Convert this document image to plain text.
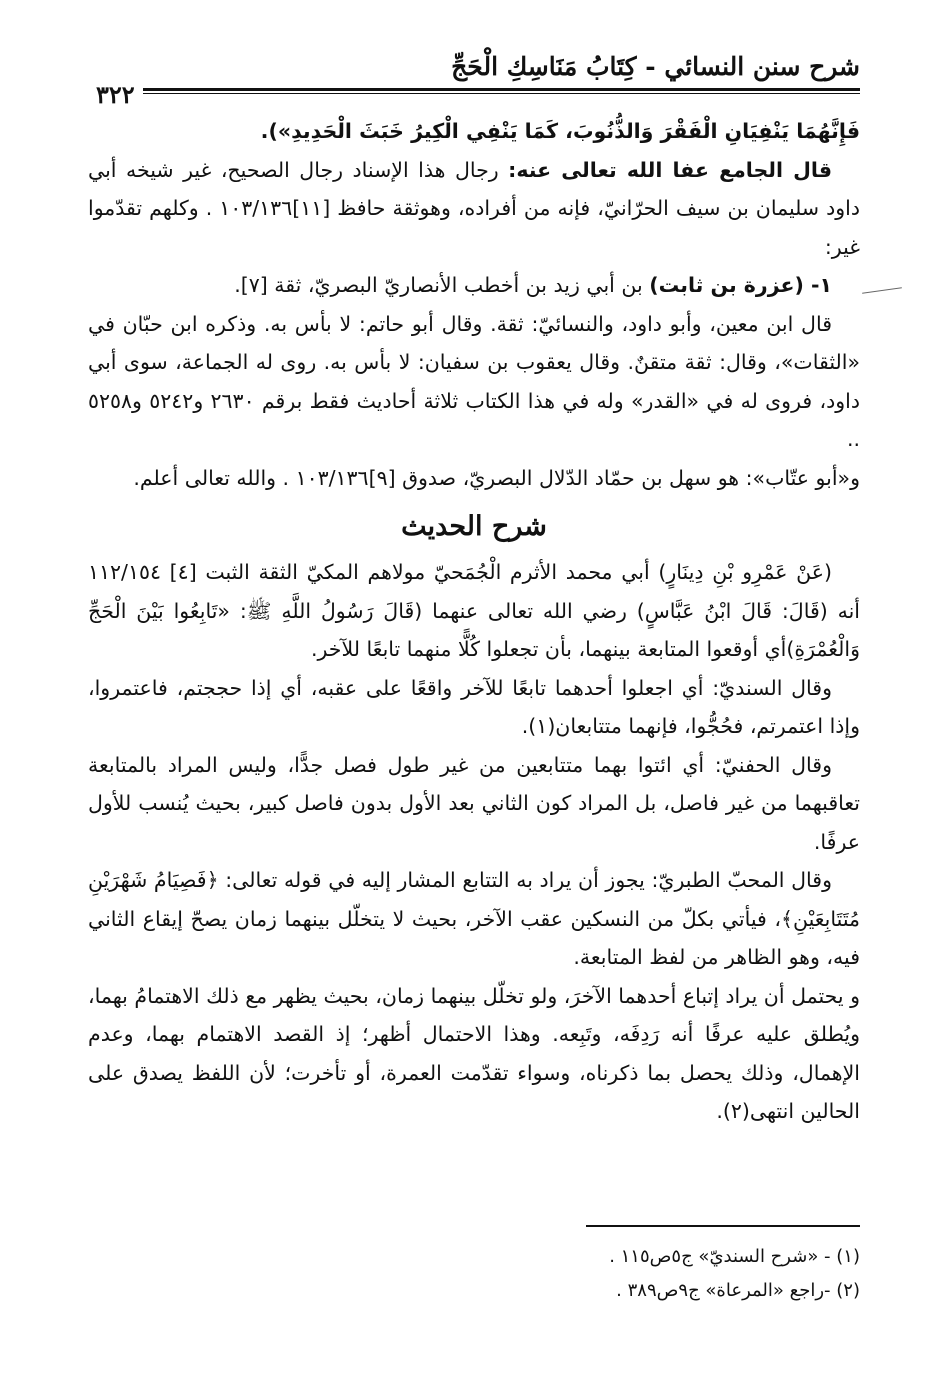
شرح سنن النسائي - كِتَابُ مَنَاسِكِ الْحَجِّ
٣٢٢

فَإِنَّهُمَا يَنْفِيَانِ الْفَقْرَ وَالذُّنُوبَ، كَمَا يَنْفِي الْكِيرُ خَبَثَ الْحَدِيدِ»).

قال الجامع عفا الله تعالى عنه: رجال هذا الإسناد رجال الصحيح، غير شيخه أبي داود سليمان بن سيف الحرّانيّ، فإنه من أفراده، وهوثقة حافظ [١١]١٠٣/١٣٦ . وكلهم تقدّموا غير:

١- (عزرة بن ثابت) بن أبي زيد بن أخطب الأنصاريّ البصريّ، ثقة [٧].

قال ابن معين، وأبو داود، والنسائيّ: ثقة. وقال أبو حاتم: لا بأس به. وذكره ابن حبّان في «الثقات»، وقال: ثقة متقنٌ. وقال يعقوب بن سفيان: لا بأس به. روى له الجماعة، سوى أبي داود، فروى له في «القدر» وله في هذا الكتاب ثلاثة أحاديث فقط برقم ٢٦٣٠ و٥٢٤٢ و٥٢٥٨ ..

و«أبو عتّاب»: هو سهل بن حمّاد الدّلال البصريّ، صدوق [٩]١٠٣/١٣٦ . والله تعالى أعلم.

شرح الحديث

(عَنْ عَمْرِو بْنِ دِينَارٍ) أبي محمد الأثرم الْجُمَحيّ مولاهم المكيّ الثقة الثبت [٤] ١١٢/١٥٤ أنه (قَالَ: قَالَ ابْنُ عَبَّاسٍ) رضي الله تعالى عنهما (قَالَ رَسُولُ اللَّهِ ﷺ: «تَابِعُوا بَيْنَ الْحَجِّ وَالْعُمْرَةِ)أي أوقعوا المتابعة بينهما، بأن تجعلوا كُلًّا منهما تابعًا للآخر.

وقال السنديّ: أي اجعلوا أحدهما تابعًا للآخر واقعًا على عقبه، أي إذا حججتم، فاعتمروا، وإذا اعتمرتم، فحُجُّوا، فإنهما متتابعان(١).

وقال الحفنيّ: أي ائتوا بهما متتابعين من غير طول فصل جدًّا، وليس المراد بالمتابعة تعاقبهما من غير فاصل، بل المراد كون الثاني بعد الأول بدون فاصل كبير، بحيث يُنسب للأول عرفًا.

وقال المحبّ الطبريّ: يجوز أن يراد به التتابع المشار إليه في قوله تعالى: ﴿فَصِيَامُ شَهْرَيْنِ مُتَتَابِعَيْنِ﴾، فيأتي بكلّ من النسكين عقب الآخر، بحيث لا يتخلّل بينهما زمان يصحّ إيقاع الثاني فيه، وهو الظاهر من لفظ المتابعة.

و يحتمل أن يراد إتباع أحدهما الآخرَ، ولو تخلّل بينهما زمان، بحيث يظهر مع ذلك الاهتمامُ بهما، ويُطلق عليه عرفًا أنه رَدِفَه، وتَبِعه. وهذا الاحتمال أظهر؛ إذ القصد الاهتمام بهما، وعدم الإهمال، وذلك يحصل بما ذكرناه، وسواء تقدّمت العمرة، أو تأخرت؛ لأن اللفظ يصدق على الحالين انتهى(٢).

(١) - «شرح السنديّ» ج٥ص١١٥ .

(٢) -راجع «المرعاة» ج٩ص٣٨٩ .
